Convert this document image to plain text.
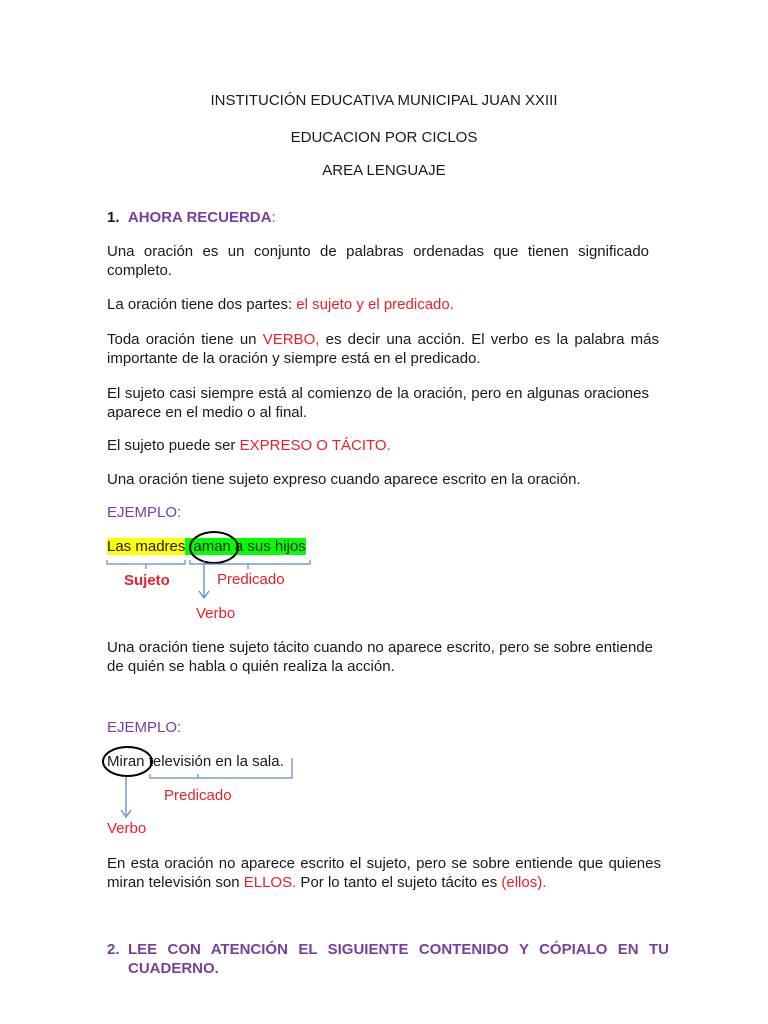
INSTITUCIÓN EDUCATIVA MUNICIPAL JUAN XXIII
EDUCACION POR CICLOS
AREA LENGUAJE
1. AHORA RECUERDA:
Una oración es un conjunto de palabras ordenadas que tienen significado completo.
La oración tiene dos partes: el sujeto y el predicado.
Toda oración tiene un VERBO, es decir una acción. El verbo es la palabra más importante de la oración y siempre está en el predicado.
El sujeto casi siempre está al comienzo de la oración, pero en algunas oraciones aparece en el medio o al final.
El sujeto puede ser EXPRESO O TÁCITO.
Una oración tiene sujeto expreso cuando aparece escrito en la oración.
EJEMPLO:
Las madres aman a sus hijos
Sujeto	Predicado
Verbo
Una oración tiene sujeto tácito cuando no aparece escrito, pero se sobre entiende de quién se habla o quién realiza la acción.
EJEMPLO:
Miran televisión en la sala.
Predicado
Verbo
En esta oración no aparece escrito el sujeto, pero se sobre entiende que quienes miran televisión son ELLOS. Por lo tanto el sujeto tácito es (ellos).
2. LEE CON ATENCIÓN EL SIGUIENTE CONTENIDO Y CÓPIALO EN TU CUADERNO.
